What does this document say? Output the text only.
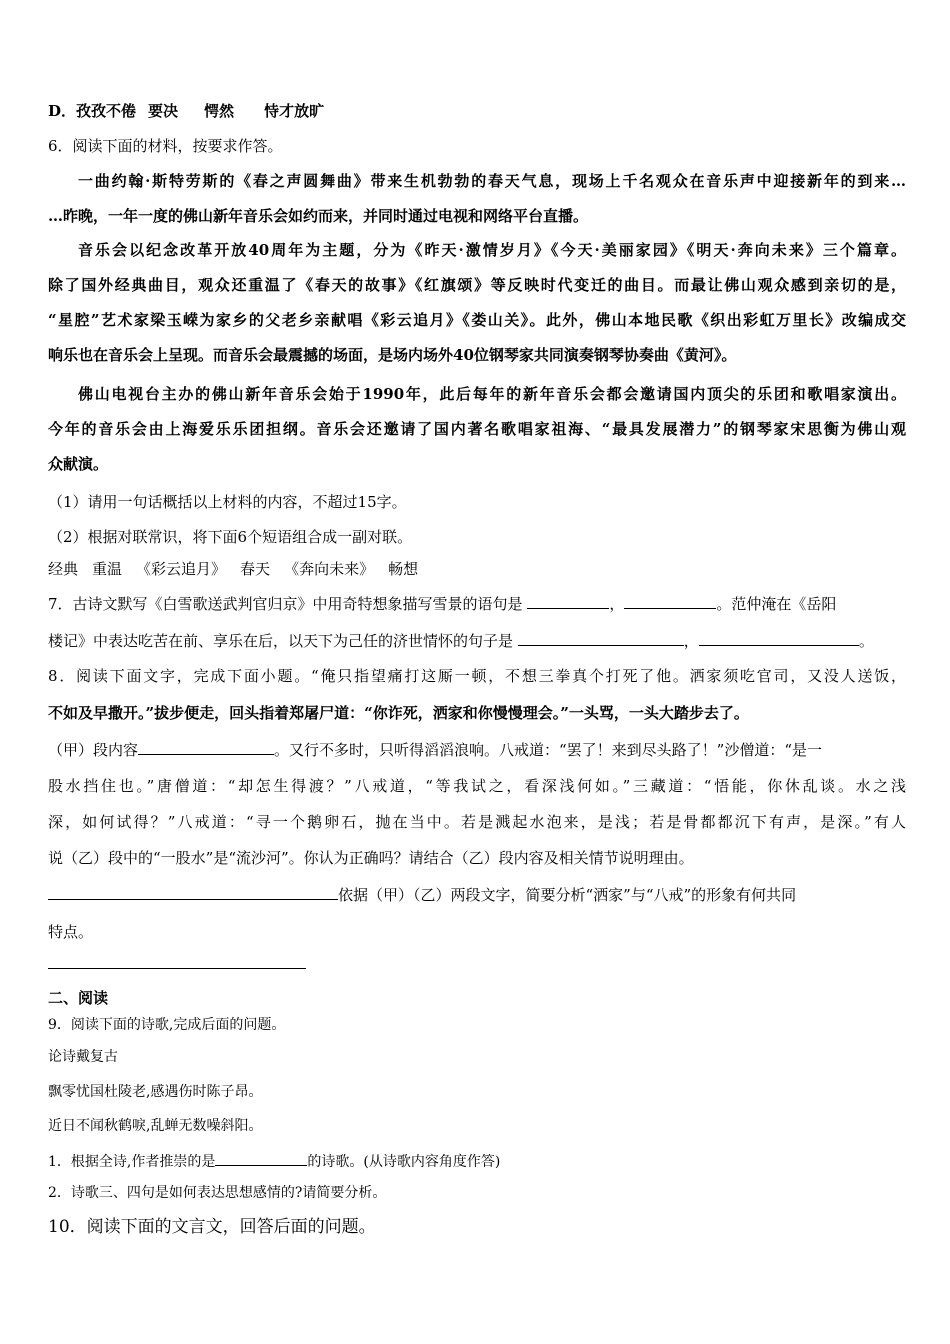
D．孜孜不倦 要决 愕然 恃才放旷
6．阅读下面的材料，按要求作答。
一曲约翰·斯特劳斯的《春之声圆舞曲》带来生机勃勃的春天气息，现场上千名观众在音乐声中迎接新年的到来…
…昨晚，一年一度的佛山新年音乐会如约而来，并同时通过电视和网络平台直播。
音乐会以纪念改革开放40周年为主题，分为《昨天·激情岁月》《今天·美丽家园》《明天·奔向未来》三个篇章。
除了国外经典曲目，观众还重温了《春天的故事》《红旗颂》等反映时代变迁的曲目。而最让佛山观众感到亲切的是，
“星腔”艺术家梁玉嵘为家乡的父老乡亲献唱《彩云追月》《娄山关》。此外，佛山本地民歌《织出彩虹万里长》改编成交
响乐也在音乐会上呈现。而音乐会最震撼的场面，是场内场外40位钢琴家共同演奏钢琴协奏曲《黄河》。
佛山电视台主办的佛山新年音乐会始于1990年，此后每年的新年音乐会都会邀请国内顶尖的乐团和歌唱家演出。
今年的音乐会由上海爱乐乐团担纲。音乐会还邀请了国内著名歌唱家祖海、“最具发展潜力”的钢琴家宋思衡为佛山观
众献演。
（1）请用一句话概括以上材料的内容，不超过15字。
（2）根据对联常识，将下面6个短语组合成一副对联。
经典 重温 《彩云追月》 春天 《奔向未来》 畅想
7．古诗文默写《白雪歌送武判官归京》中用奇特想象描写雪景的语句是	，	。范仲淹在《岳阳
楼记》中表达吃苦在前、享乐在后，以天下为己任的济世情怀的句子是	，	。
8．阅读下面文字，完成下面小题。“俺只指望痛打这厮一顿，不想三拳真个打死了他。洒家须吃官司，又没人送饭，
不如及早撒开。”拔步便走，回头指着郑屠尸道：“你诈死，洒家和你慢慢理会。”一头骂，一头大踏步去了。
（甲）段内容	。又行不多时，只听得滔滔浪响。八戒道：“罢了！来到尽头路了！”沙僧道：“是一
股水挡住也。”唐僧道：“却怎生得渡？”八戒道，“等我试之，看深浅何如。”三藏道：“悟能，你休乱谈。水之浅
深，如何试得？”八戒道：“寻一个鹅卵石，抛在当中。若是溅起水泡来，是浅；若是骨都都沉下有声，是深。”有人
说（乙）段中的“一股水”是“流沙河”。你认为正确吗？请结合（乙）段内容及相关情节说明理由。
依据（甲）（乙）两段文字，简要分析“洒家”与“八戒”的形象有何共同
特点。
二、阅读
9．阅读下面的诗歌,完成后面的问题。
论诗戴复古
飘零忧国杜陵老,感遇伤时陈子昂。
近日不闻秋鹤唳,乱蝉无数噪斜阳。
1．根据全诗,作者推崇的是	的诗歌。(从诗歌内容角度作答)
2．诗歌三、四句是如何表达思想感情的?请简要分析。
10．阅读下面的文言文，回答后面的问题。
